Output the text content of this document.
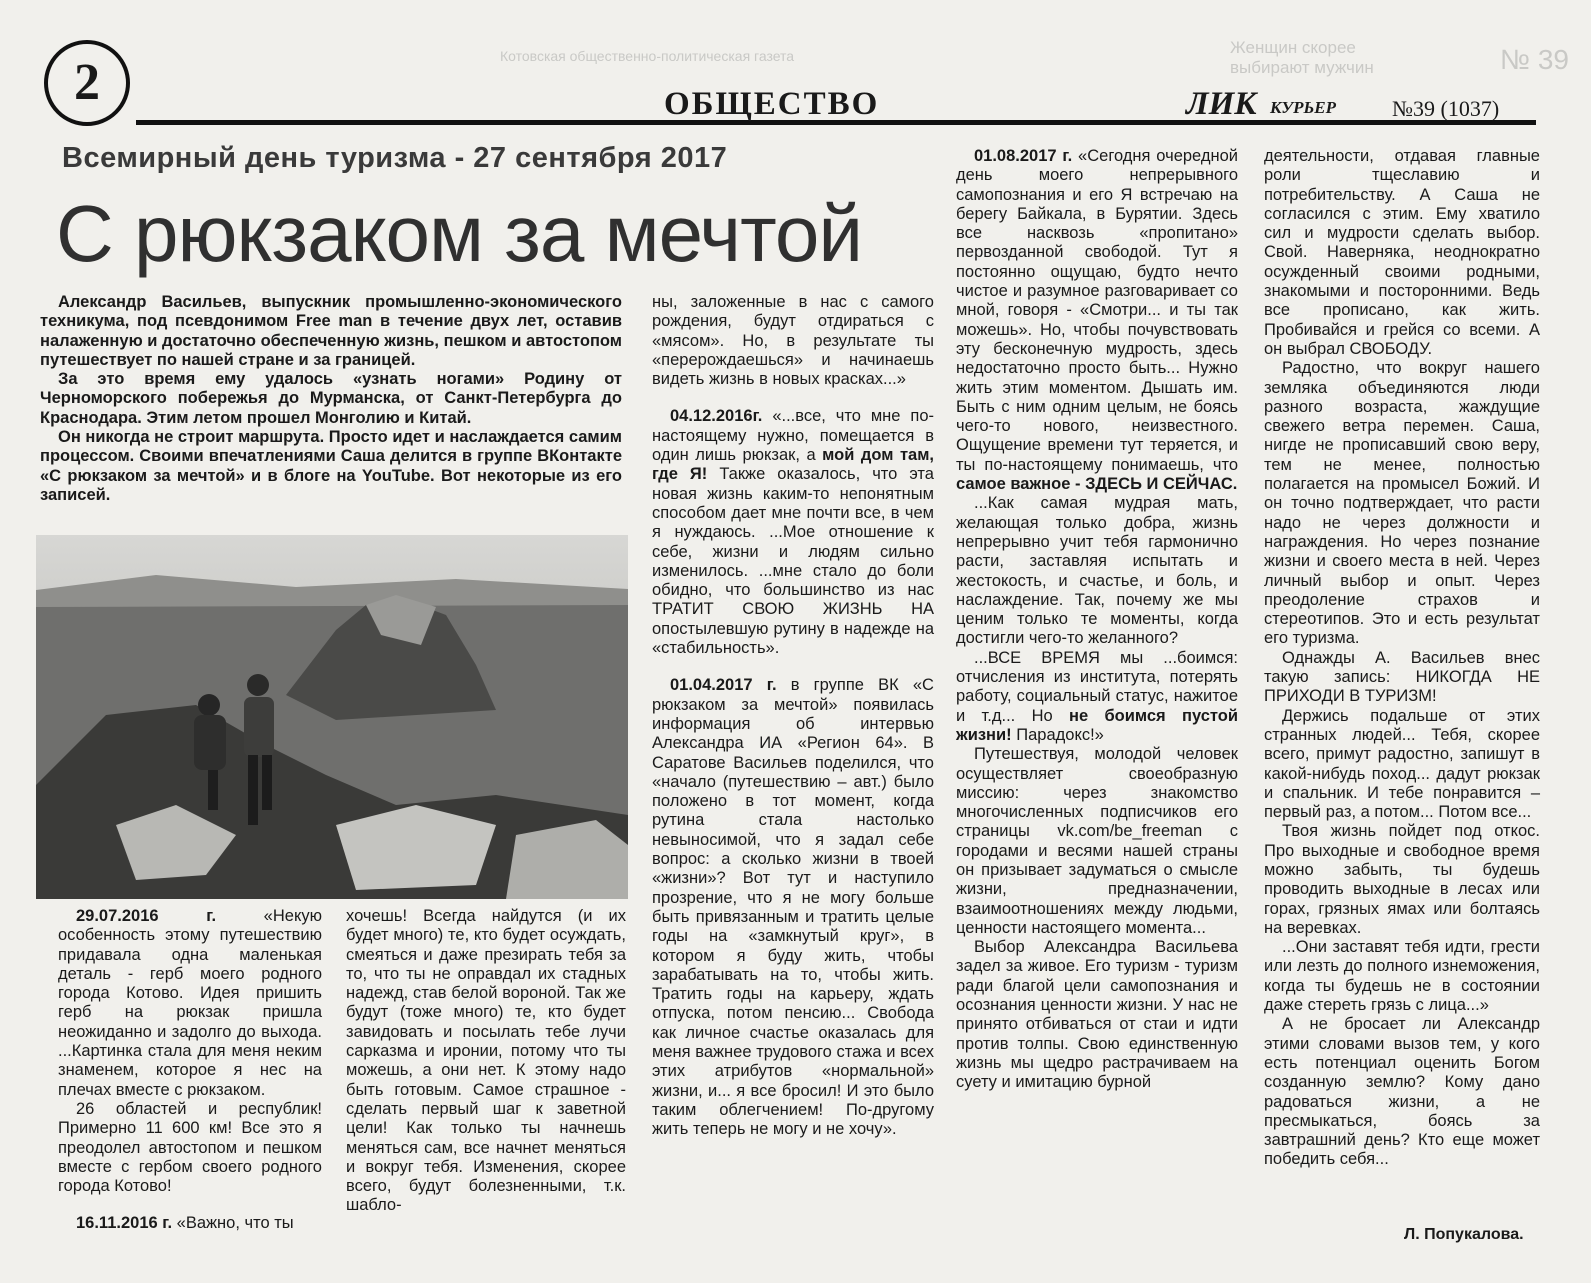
Котовская общественно-политическая газета	Женщин скорее выбирают мужчин	№ 39
2	ОБЩЕСТВО	ЛИК КУРЬЕР	№39 (1037)
Всемирный день туризма - 27 сентября 2017
С рюкзаком за мечтой

Александр Васильев, выпускник промышленно-экономического техникума, под псевдонимом Free man в течение двух лет, оставив налаженную и достаточно обеспеченную жизнь, пешком и автостопом путешествует по нашей стране и за границей.

За это время ему удалось «узнать ногами» Родину от Черноморского побережья до Мурманска, от Санкт-Петербурга до Краснодара. Этим летом прошел Монголию и Китай.

Он никогда не строит маршрута. Просто идет и наслаждается самим процессом. Своими впечатлениями Саша делится в группе ВКонтакте «С рюкзаком за мечтой» и в блоге на YouTube. Вот некоторые из его записей.

29.07.2016 г.	«Некую особенность этому путешествию придавала одна маленькая деталь - герб моего родного города Котово. Идея пришить герб на рюкзак пришла неожиданно и задолго до выхода. ...Картинка стала для меня неким знаменем, которое я нес на плечах вместе с рюкзаком.

26 областей и республик! Примерно 11 600 км! Все это я преодолел автостопом и пешком вместе с гербом своего родного города Котово!

16.11.2016 г. «Важно, что ты

хочешь! Всегда найдутся (и их будет много) те, кто будет осуждать, смеяться и даже презирать тебя за то, что ты не оправдал их стадных надежд, став белой вороной. Так же будут (тоже много) те, кто будет завидовать и посылать тебе лучи сарказма и иронии, потому что ты можешь, а они нет. К этому надо быть готовым. Самое страшное - сделать первый шаг к заветной цели! Как только ты начнешь меняться сам, все начнет меняться и вокруг тебя. Изменения, скорее всего, будут болезненными, т.к. шабло-

ны, заложенные в нас с самого рождения, будут отдираться с «мясом». Но, в результате ты «перерождаешься» и начинаешь видеть жизнь в новых красках...»

04.12.2016г. «...все, что мне по-настоящему нужно, помещается в один лишь рюкзак, а мой дом там, где Я! Также оказалось, что эта новая жизнь каким-то непонятным способом дает мне почти все, в чем я нуждаюсь. ...Мое отношение к себе, жизни и людям сильно изменилось. ...мне стало до боли обидно, что большинство из нас ТРАТИТ СВОЮ ЖИЗНЬ НА опостылевшую рутину в надежде на «стабильность».

01.04.2017 г. в группе ВК «С рюкзаком за мечтой» появилась информация об интервью Александра ИА «Регион 64». В Саратове Васильев поделился, что «начало (путешествию – авт.) было положено в тот момент, когда рутина стала настолько невыносимой, что я задал себе вопрос: а сколько жизни в твоей «жизни»? Вот тут и наступило прозрение, что я не могу больше быть привязанным и тратить целые годы на «замкнутый круг», в котором я буду жить, чтобы зарабатывать на то, чтобы жить. Тратить годы на карьеру, ждать отпуска, потом пенсию... Свобода как личное счастье оказалась для меня важнее трудового стажа и всех этих атрибутов «нормальной» жизни, и... я все бросил! И это было таким облегчением! По-другому жить теперь не могу и не хочу».

01.08.2017 г. «Сегодня очередной день моего непрерывного самопознания и его Я встречаю на берегу Байкала, в Бурятии. Здесь все насквозь «пропитано» первозданной свободой. Тут я постоянно ощущаю, будто нечто чистое и разумное разговаривает со мной, говоря - «Смотри... и ты так можешь». Но, чтобы почувствовать эту бесконечную мудрость, здесь недостаточно просто быть... Нужно жить этим моментом. Дышать им. Быть с ним одним целым, не боясь чего-то нового, неизвестного. Ощущение времени тут теряется, и ты по-настоящему понимаешь, что самое важное - ЗДЕСЬ И СЕЙЧАС.

...Как самая мудрая мать, желающая только добра, жизнь непрерывно учит тебя гармонично расти, заставляя испытать и жестокость, и счастье, и боль, и наслаждение. Так, почему же мы ценим только те моменты, когда достигли чего-то желанного?

...ВСЕ ВРЕМЯ мы ...боимся: отчисления из института, потерять работу, социальный статус, нажитое и т.д... Но не боимся пустой жизни! Парадокс!»

Путешествуя, молодой человек осуществляет своеобразную миссию: через знакомство многочисленных подписчиков его страницы vk.com/be_freeman с городами и весями нашей страны он призывает задуматься о смысле жизни, предназначении, взаимоотношениях между людьми, ценности настоящего момента...

Выбор Александра Васильева задел за живое. Его туризм - туризм ради благой цели самопознания и осознания ценности жизни. У нас не принято отбиваться от стаи и идти против толпы. Свою единственную жизнь мы щедро растрачиваем на суету и имитацию бурной

деятельности, отдавая главные роли тщеславию и потребительству. А Саша не согласился с этим. Ему хватило сил и мудрости сделать выбор. Свой. Наверняка, неоднократно осужденный своими родными, знакомыми и посторонними. Ведь все прописано, как жить. Пробивайся и грейся со всеми. А он выбрал СВОБОДУ.

Радостно, что вокруг нашего земляка объединяются люди разного возраста, жаждущие свежего ветра перемен. Саша, нигде не прописавший свою веру, тем не менее, полностью полагается на промысел Божий. И он точно подтверждает, что расти надо не через должности и награждения. Но через познание жизни и своего места в ней. Через личный выбор и опыт. Через преодоление страхов и стереотипов. Это и есть результат его туризма.

Однажды А. Васильев внес такую запись: НИКОГДА НЕ ПРИХОДИ В ТУРИЗМ!

Держись подальше от этих странных людей... Тебя, скорее всего, примут радостно, запишут в какой-нибудь поход... дадут рюкзак и спальник. И тебе понравится – первый раз, а потом... Потом все...

Твоя жизнь пойдет под откос. Про выходные и свободное время можно забыть, ты будешь проводить выходные в лесах или горах, грязных ямах или болтаясь на веревках.

...Они заставят тебя идти, грести или лезть до полного изнеможения, когда ты будешь не в состоянии даже стереть грязь с лица...»

А не бросает ли Александр этими словами вызов тем, у кого есть потенциал оценить Богом созданную землю? Кому дано радоваться жизни, а не пресмыкаться, боясь за завтрашний день? Кто еще может победить себя...

Л. Попукалова.
